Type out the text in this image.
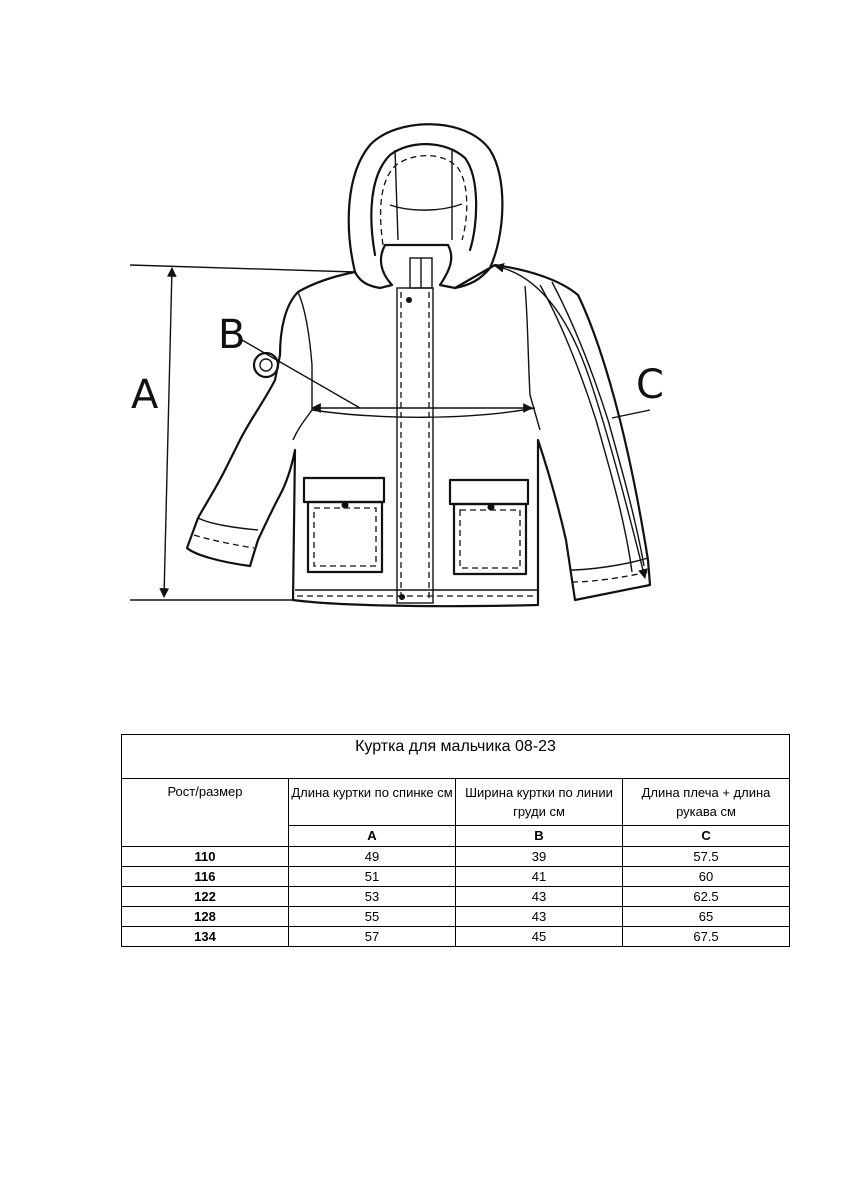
A
B
C
Куртка для мальчика 08-23			
Рост/размер	Длина куртки по спинке см	Ширина куртки по линии груди см	Длина плеча + длина рукава см
	A	B	C
110	49	39	57.5
116	51	41	60
122	53	43	62.5
128	55	43	65
134	57	45	67.5
